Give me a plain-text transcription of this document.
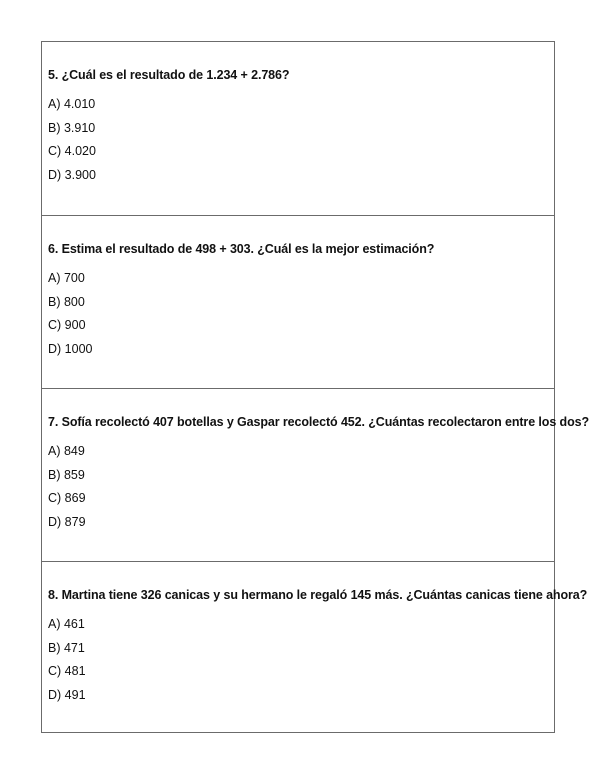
5. ¿Cuál es el resultado de 1.234 + 2.786?
A) 4.010
B) 3.910
C) 4.020
D) 3.900
6. Estima el resultado de 498 + 303. ¿Cuál es la mejor estimación?
A) 700
B) 800
C) 900
D) 1000
7. Sofía recolectó 407 botellas y Gaspar recolectó 452. ¿Cuántas recolectaron entre los dos?
A) 849
B) 859
C) 869
D) 879
8. Martina tiene 326 canicas y su hermano le regaló 145 más. ¿Cuántas canicas tiene ahora?
A) 461
B) 471
C) 481
D) 491
